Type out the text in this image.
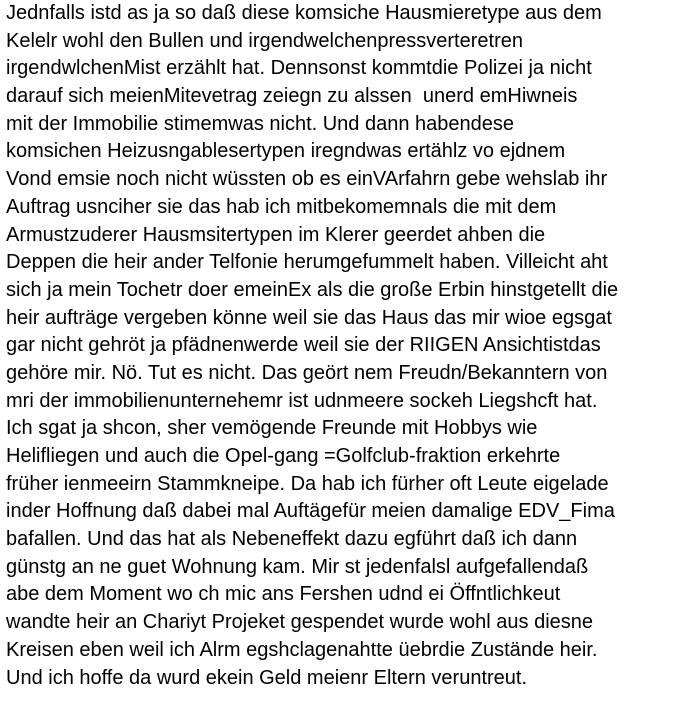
Jednfalls istd as ja so daß diese komsiche Hausmieretype aus dem
Kelelr wohl den Bullen und irgendwelchenpressverteretren
irgendwlchenMist erzählt hat. Dennsonst kommtdie Polizei ja nicht
darauf sich meienMitevetrag zeiegn zu alssen  unerd emHiwneis
mit der Immobilie stimemwas nicht. Und dann habendese
komsichen Heizusngablesertypen iregndwas ertählz vo ejdnem
Vond emsie noch nicht wüssten ob es einVArfahrn gebe wehslab ihr
Auftrag usnciher sie das hab ich mitbekomemnals die mit dem
Armustzuderer Hausmsitertypen im Klerer geerdet ahben die
Deppen die heir ander Telfonie herumgefummelt haben. Villeicht aht
sich ja mein Tochetr doer emeinEx als die große Erbin hinstgetellt die
heir aufträge vergeben könne weil sie das Haus das mir wioe egsgat
gar nicht gehröt ja pfädnenwerde weil sie der RIIGEN Ansichtistdas
gehöre mir. Nö. Tut es nicht. Das geört nem Freudn/Bekanntern von
mri der immobilienunternehemr ist udnmeere sockeh Liegshcft hat.
Ich sgat ja shcon, sher vemögende Freunde mit Hobbys wie
Helifliegen und auch die Opel-gang =Golfclub-fraktion erkehrte
früher ienmeeirn Stammkneipe. Da hab ich fürher oft Leute eigelade
inder Hoffnung daß dabei mal Auftägefür meien damalige EDV_Fima
bafallen. Und das hat als Nebeneffekt dazu egführt daß ich dann
günstg an ne guet Wohnung kam. Mir st jedenfalsl aufgefallendaß
abe dem Moment wo ch mic ans Fershen udnd ei Öffntlichkeut
wandte heir an Chariyt Projeket gespendet wurde wohl aus diesne
Kreisen eben weil ich Alrm egshclagenahtte üebrdie Zustände heir.
Und ich hoffe da wurd ekein Geld meienr Eltern veruntreut.
